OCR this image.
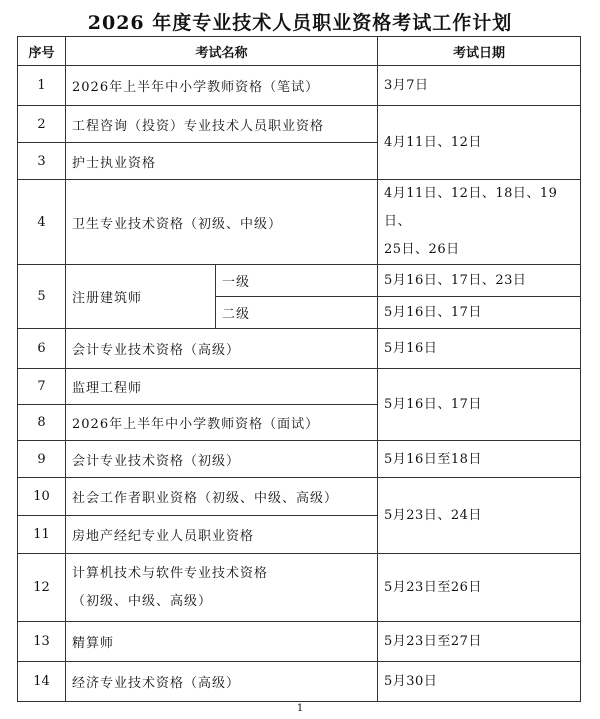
2026 年度专业技术人员职业资格考试工作计划
序号	考试名称		考试日期
1	2026年上半年中小学教师资格（笔试）		3月7日
2	工程咨询（投资）专业技术人员职业资格		4月11日、12日
3	护士执业资格		
4	卫生专业技术资格（初级、中级）		4月11日、12日、18日、19日、
25日、26日

5	注册建筑师	一级	5月16日、17日、23日
		二级	5月16日、17日
6	会计专业技术资格（高级）		5月16日
7	监理工程师		5月16日、17日
8	2026年上半年中小学教师资格（面试）		
9	会计专业技术资格（初级）		5月16日至18日
10	社会工作者职业资格（初级、中级、高级）		5月23日、24日
11	房地产经纪专业人员职业资格		
12	计算机技术与软件专业技术资格
（初级、中级、高级）		5月23日至26日
13	精算师		5月23日至27日
14	经济专业技术资格（高级）		5月30日
1
